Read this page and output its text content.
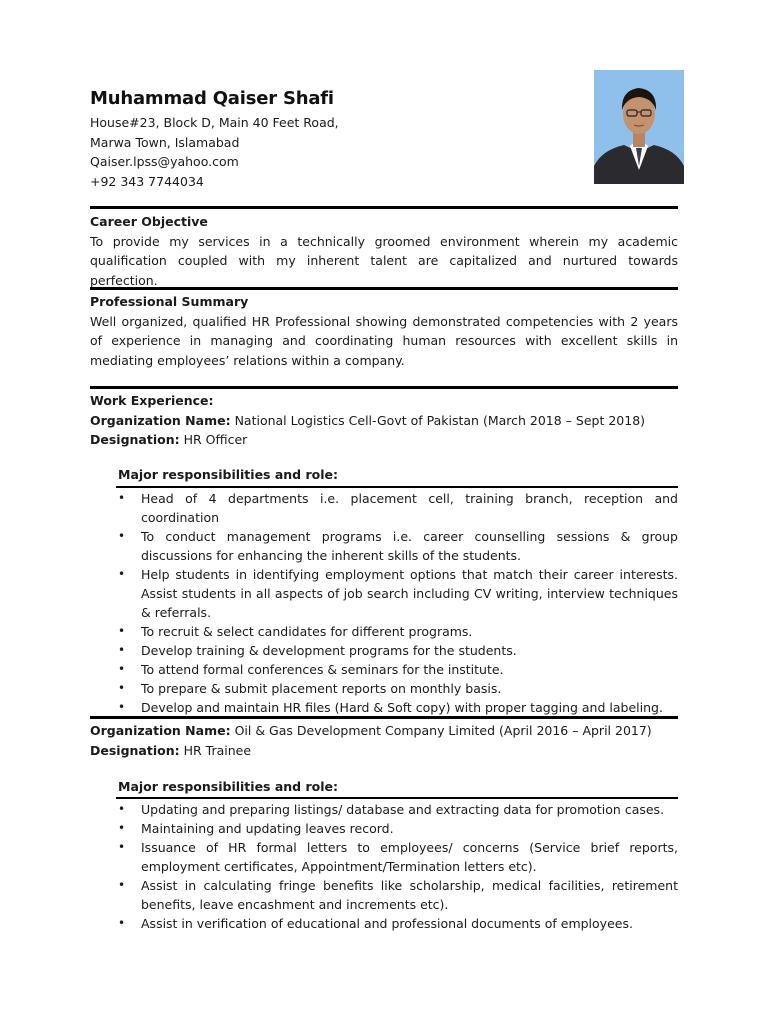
Muhammad Qaiser Shafi
House#23, Block D, Main 40 Feet Road,
Marwa Town, Islamabad
Qaiser.lpss@yahoo.com
+92 343 7744034
Career Objective
To provide my services in a technically groomed environment wherein my academic qualification coupled with my inherent talent are capitalized and nurtured towards perfection.
Professional Summary
Well organized, qualified HR Professional showing demonstrated competencies with 2 years of experience in managing and coordinating human resources with excellent skills in mediating employees’ relations within a company.
Work Experience:
Organization Name: National Logistics Cell-Govt of Pakistan (March 2018 – Sept 2018)
Designation: HR Officer
Major responsibilities and role:
• Head of 4 departments i.e. placement cell, training branch, reception and coordination
• To conduct management programs i.e. career counselling sessions & group discussions for enhancing the inherent skills of the students.
• Help students in identifying employment options that match their career interests. Assist students in all aspects of job search including CV writing, interview techniques & referrals.
• To recruit & select candidates for different programs.
• Develop training & development programs for the students.
• To attend formal conferences & seminars for the institute.
• To prepare & submit placement reports on monthly basis.
• Develop and maintain HR files (Hard & Soft copy) with proper tagging and labeling.
Organization Name: Oil & Gas Development Company Limited (April 2016 – April 2017)
Designation: HR Trainee
Major responsibilities and role:
• Updating and preparing listings/ database and extracting data for promotion cases.
• Maintaining and updating leaves record.
• Issuance of HR formal letters to employees/ concerns (Service brief reports, employment certificates, Appointment/Termination letters etc).
• Assist in calculating fringe benefits like scholarship, medical facilities, retirement benefits, leave encashment and increments etc).
• Assist in verification of educational and professional documents of employees.
